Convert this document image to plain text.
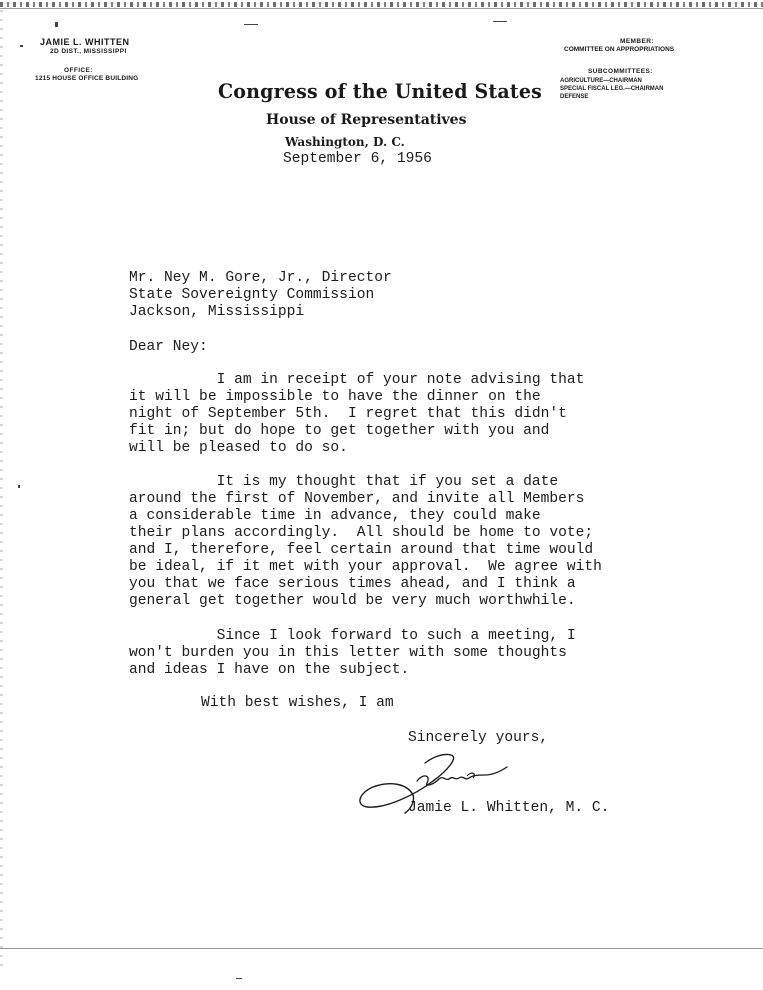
JAMIE L. WHITTEN
2D DIST., MISSISSIPPI
OFFICE:
1215 HOUSE OFFICE BUILDING
MEMBER:
COMMITTEE ON APPROPRIATIONS
SUBCOMMITTEES:
AGRICULTURE—CHAIRMAN
SPECIAL FISCAL LEG.—CHAIRMAN
DEFENSE
Congress of the United States
House of Representatives
Washington, D. C.
September 6, 1956
Mr. Ney M. Gore, Jr., Director
State Sovereignty Commission
Jackson, Mississippi
Dear Ney:
I am in receipt of your note advising that
it will be impossible to have the dinner on the
night of September 5th.  I regret that this didn't
fit in; but do hope to get together with you and
will be pleased to do so.
It is my thought that if you set a date
around the first of November, and invite all Members
a considerable time in advance, they could make
their plans accordingly.  All should be home to vote;
and I, therefore, feel certain around that time would
be ideal, if it met with your approval.  We agree with
you that we face serious times ahead, and I think a
general get together would be very much worthwhile.
Since I look forward to such a meeting, I
won't burden you in this letter with some thoughts
and ideas I have on the subject.
With best wishes, I am
Sincerely yours,
Jamie L. Whitten, M. C.
